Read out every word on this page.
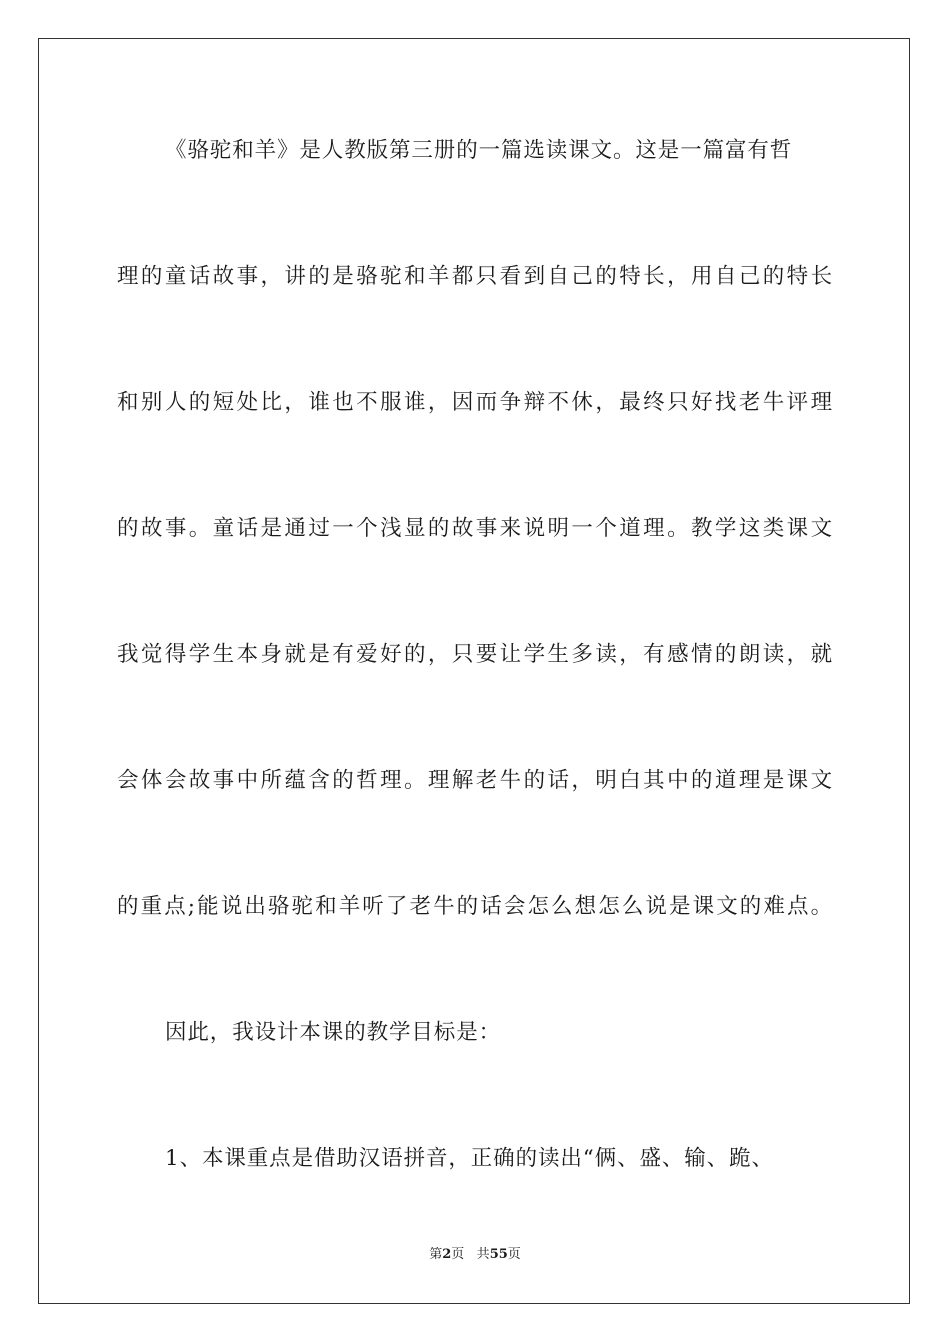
《骆驼和羊》是人教版第三册的一篇选读课文。这是一篇富有哲
理的童话故事，讲的是骆驼和羊都只看到自己的特长，用自己的特长
和别人的短处比，谁也不服谁，因而争辩不休，最终只好找老牛评理
的故事。童话是通过一个浅显的故事来说明一个道理。教学这类课文
我觉得学生本身就是有爱好的，只要让学生多读，有感情的朗读，就
会体会故事中所蕴含的哲理。理解老牛的话，明白其中的道理是课文
的重点;能说出骆驼和羊听了老牛的话会怎么想怎么说是课文的难点。
因此，我设计本课的教学目标是：
1、本课重点是借助汉语拼音，正确的读出“俩、盛、输、跪、
第2页 共55页
